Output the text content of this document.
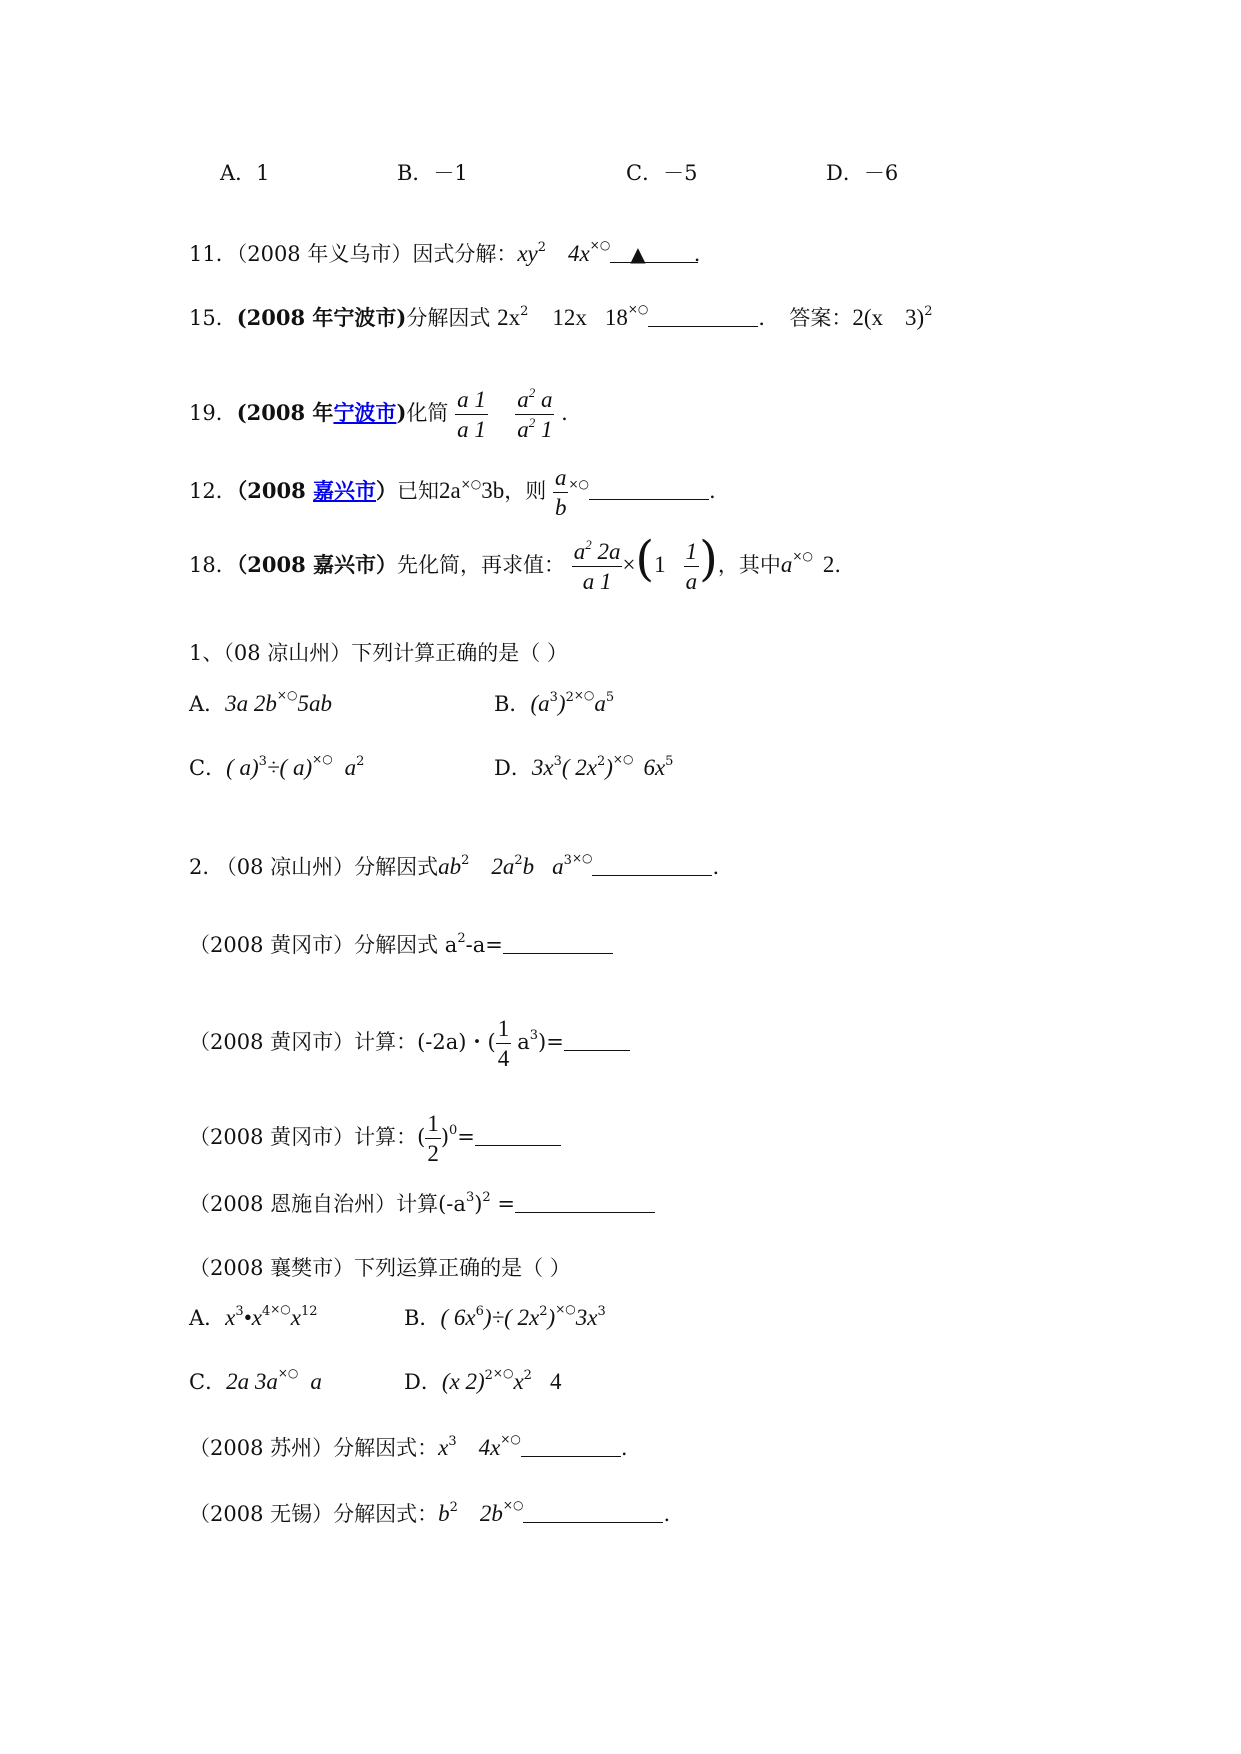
A．1	B．－1	C．－5	D．－6
11．（2008 年义乌市）因式分解：$xy^2$ 4x×○ ▲ .
15．(2008 年宁波市)分解因式 $2x^2$ 12x 18×○	． 答案：2(x 3)$^2$
19．(2008 年宁波市)化简 $\frac{a 1}{a 1}$
$\frac{a^2 a}{a^2 1}$ .
12．（2008 嘉兴市）已知2a×○3b，则 $\frac{a}{b}$ ×○	.
18．（2008 嘉兴市）先化简，再求值： $\frac{a^2 2a}{a 1} \times(1 \frac{1}{a}$ )，其中a×○ 2.
1、（08 凉山州）下列计算正确的是（ ）
A．3a 2b×○5ab	B．$(a^3)^{2\times○}a^5$
C．( a)$^3$÷( a)×○ $a^2$	D．$3x^3$( $2x^2)^{\times○}$ $6x^5$
2. （08 凉山州）分解因式$ab^2$ $2a^2b$ $a^{3\times○}$	.
（2008 黄冈市）分解因式 $a^2-a=$
（2008 黄冈市）计算：(-2a)・( $\frac{1}{4} a^3)=$
（2008 黄冈市）计算：( $\frac{1}{2} )^0=$
（2008 恩施自治州）计算$(-a^3)^2$ =
（2008 襄樊市）下列运算正确的是（ ）
A．$x^3•x^{4\times○}x^{12}$	B．( $6x^6)\div$( $2x^2)^{\times○}3x^3$
C．2a 3a×○ a	D．(x $2)^{2\times○}x^2$ 4
（2008 苏州）分解因式：$x^3$ 4x×○	.
（2008 无锡）分解因式：$b^2$ 2b×○	.
